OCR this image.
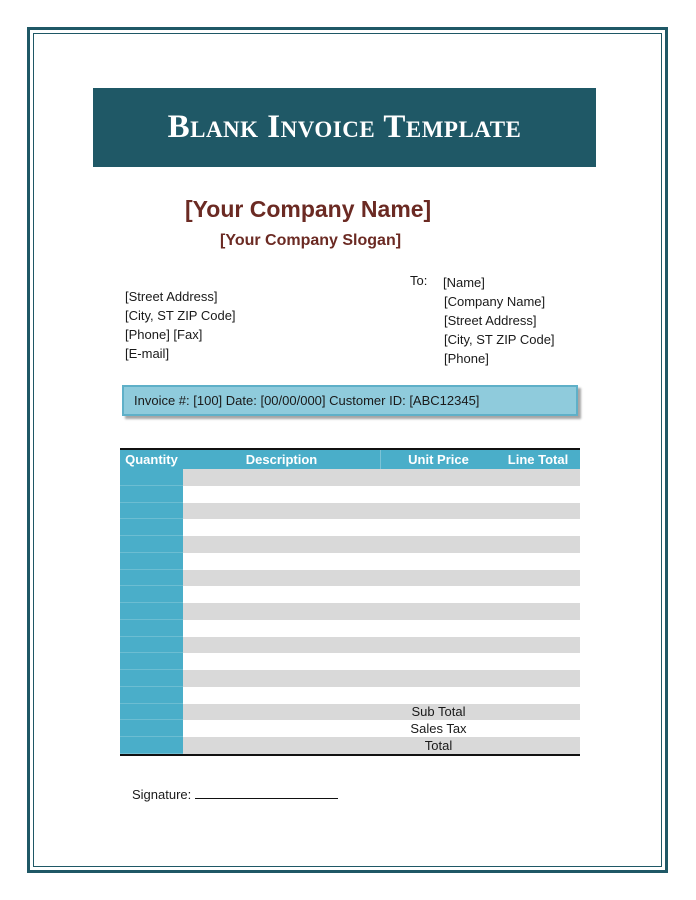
Blank Invoice Template
[Your Company Name]
[Your Company Slogan]
[Street Address]
[City, ST ZIP Code]
[Phone] [Fax]
[E-mail]
To: [Name]
[Company Name]
[Street Address]
[City, ST ZIP Code]
[Phone]
Invoice #: [100] Date: [00/00/000] Customer ID: [ABC12345]
Quantity	Description	Unit Price	Line Total
Sub Total
Sales Tax
Total
Signature:
